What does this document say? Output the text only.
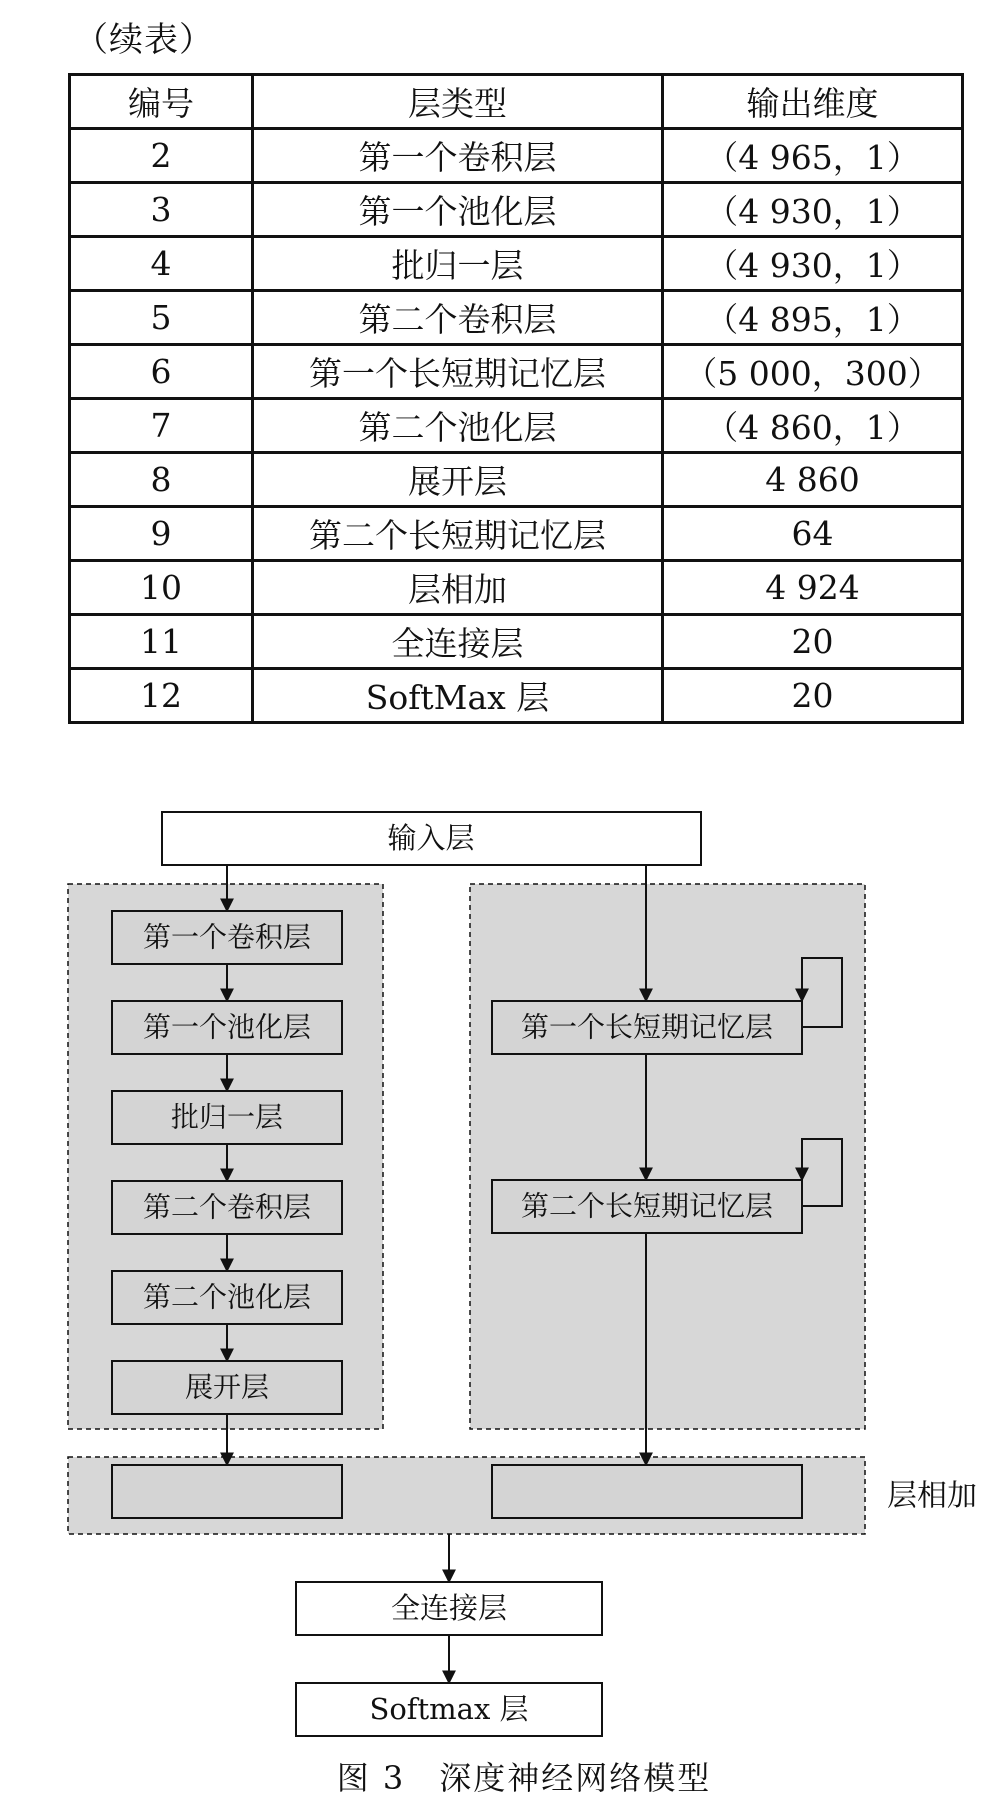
（续表）
编号	层类型	输出维度
2	第一个卷积层	（4 965，1）
3	第一个池化层	（4 930，1）
4	批归一层	（4 930，1）
5	第二个卷积层	（4 895，1）
6	第一个长短期记忆层	（5 000，300）
7	第二个池化层	（4 860，1）
8	展开层	4 860
9	第二个长短期记忆层	64
10	层相加	4 924
11	全连接层	20
12	SoftMax 层	20
输入层
第一个卷积层
第一个池化层
批归一层
第二个卷积层
第二个池化层
展开层
第一个长短期记忆层
第二个长短期记忆层
层相加
全连接层
Softmax 层
图 3　深度神经网络模型
